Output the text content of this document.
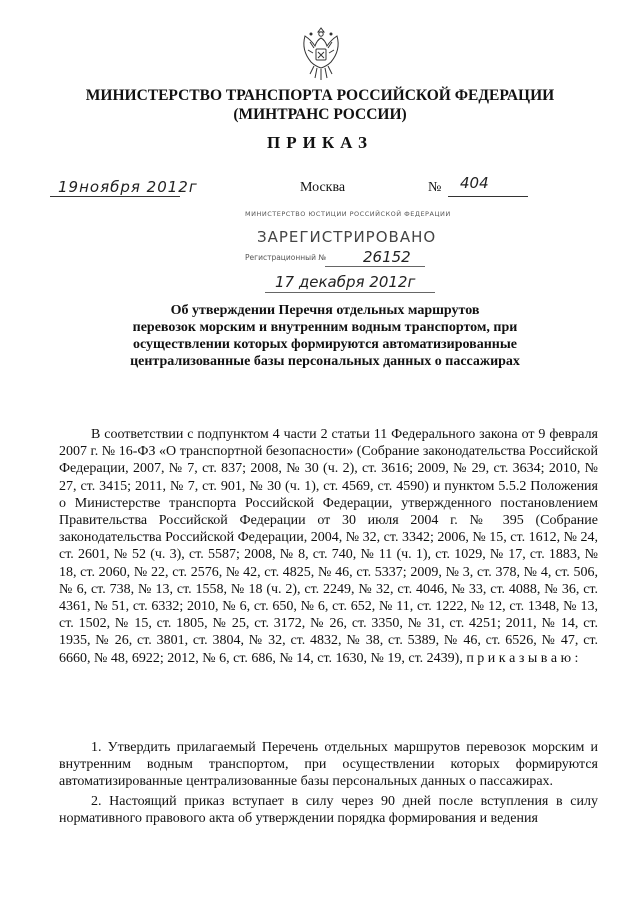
МИНИСТЕРСТВО ТРАНСПОРТА РОССИЙСКОЙ ФЕДЕРАЦИИ
(МИНТРАНС РОССИИ)
ПРИКАЗ
19ноября 2012г	Москва	№ 404
МИНИСТЕРСТВО ЮСТИЦИИ РОССИЙСКОЙ ФЕДЕРАЦИИ
ЗАРЕГИСТРИРОВАНО
Регистрационный № 26152
17 декабря 2012г
Об утверждении Перечня отдельных маршрутов
перевозок морским и внутренним водным транспортом, при
осуществлении которых формируются автоматизированные
централизованные базы персональных данных о пассажирах

В соответствии с подпунктом 4 части 2 статьи 11 Федерального закона от 9 февраля 2007 г. № 16-ФЗ «О транспортной безопасности» (Собрание законодательства Российской Федерации, 2007, № 7, ст. 837; 2008, № 30 (ч. 2), ст. 3616; 2009, № 29, ст. 3634; 2010, № 27, ст. 3415; 2011, № 7, ст. 901, № 30 (ч. 1), ст. 4569, ст. 4590) и пунктом 5.5.2 Положения о Министерстве транспорта Российской Федерации, утвержденного постановлением Правительства Российской Федерации от 30 июля 2004 г. № 395 (Собрание законодательства Российской Федерации, 2004, № 32, ст. 3342; 2006, № 15, ст. 1612, № 24, ст. 2601, № 52 (ч. 3), ст. 5587; 2008, № 8, ст. 740, № 11 (ч. 1), ст. 1029, № 17, ст. 1883, № 18, ст. 2060, № 22, ст. 2576, № 42, ст. 4825, № 46, ст. 5337; 2009, № 3, ст. 378, № 4, ст. 506, № 6, ст. 738, № 13, ст. 1558, № 18 (ч. 2), ст. 2249, № 32, ст. 4046, № 33, ст. 4088, № 36, ст. 4361, № 51, ст. 6332; 2010, № 6, ст. 650, № 6, ст. 652, № 11, ст. 1222, № 12, ст. 1348, № 13, ст. 1502, № 15, ст. 1805, № 25, ст. 3172, № 26, ст. 3350, № 31, ст. 4251; 2011, № 14, ст. 1935, № 26, ст. 3801, ст. 3804, № 32, ст. 4832, № 38, ст. 5389, № 46, ст. 6526, № 47, ст. 6660, № 48, 6922; 2012, № 6, ст. 686, № 14, ст. 1630, № 19, ст. 2439), п р и к а з ы в а ю :

1. Утвердить прилагаемый Перечень отдельных маршрутов перевозок морским и внутренним водным транспортом, при осуществлении которых формируются автоматизированные централизованные базы персональных данных о пассажирах.

2. Настоящий приказ вступает в силу через 90 дней после вступления в силу нормативного правового акта об утверждении порядка формирования и ведения
